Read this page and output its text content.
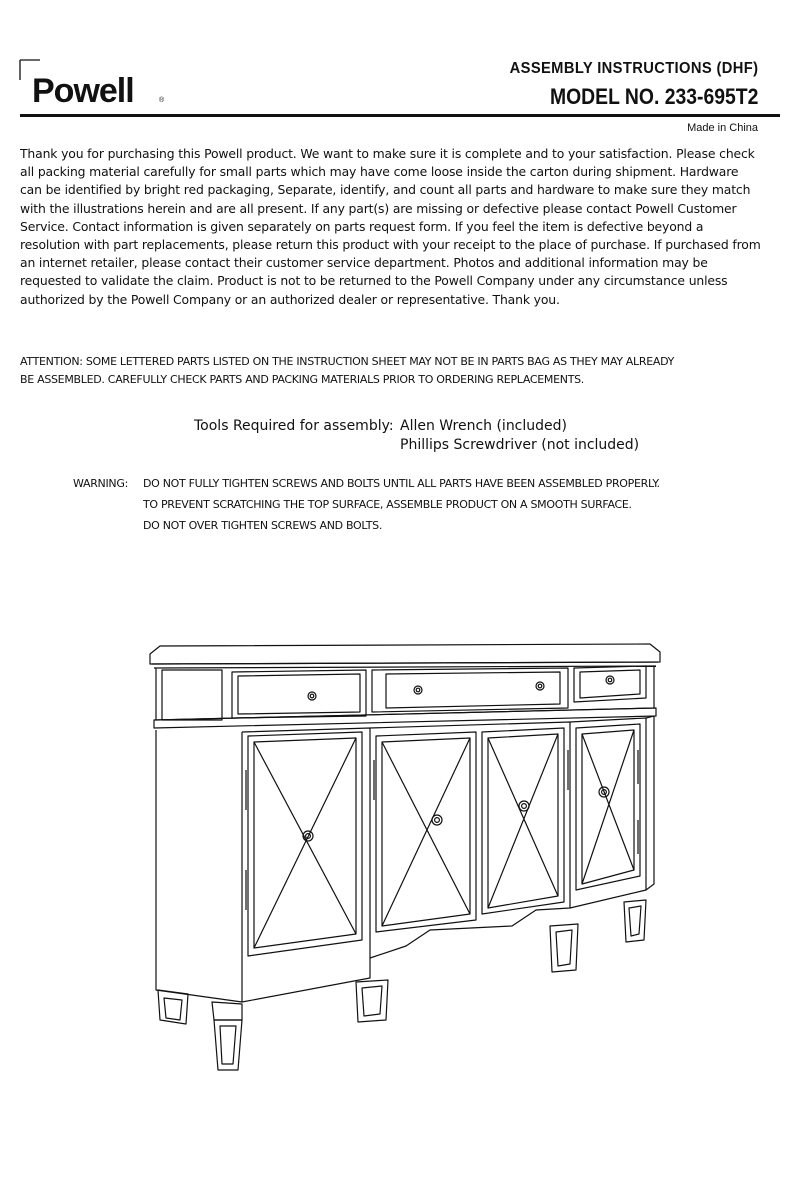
Powell	®
ASSEMBLY INSTRUCTIONS (DHF)
MODEL NO. 233-695T2
Made in China

Thank you for purchasing this Powell product. We want to make sure it is complete and to your satisfaction. Please check

all packing material carefully for small parts which may have come loose inside the carton during shipment. Hardware

can be identified by bright red packaging, Separate, identify, and count all parts and hardware to make sure they match

with the illustrations herein and are all present. If any part(s) are missing or defective please contact Powell Customer

Service. Contact information is given separately on parts request form. If you feel the item is defective beyond a

resolution with part replacements, please return this product with your receipt to the place of purchase. If purchased from

an internet retailer, please contact their customer service department. Photos and additional information may be

requested to validate the claim. Product is not to be returned to the Powell Company under any circumstance unless

authorized by the Powell Company or an authorized dealer or representative. Thank you.

ATTENTION: SOME LETTERED PARTS LISTED ON THE INSTRUCTION SHEET MAY NOT BE IN PARTS BAG AS THEY MAY ALREADY
BE ASSEMBLED. CAREFULLY CHECK PARTS AND PACKING MATERIALS PRIOR TO ORDERING REPLACEMENTS.
Tools Required for assembly: Allen Wrench (included)
Phillips Screwdriver (not included)
WARNING:	DO NOT FULLY TIGHTEN SCREWS AND BOLTS UNTIL ALL PARTS HAVE BEEN ASSEMBLED PROPERLY.
TO PREVENT SCRATCHING THE TOP SURFACE, ASSEMBLE PRODUCT ON A SMOOTH SURFACE.
DO NOT OVER TIGHTEN SCREWS AND BOLTS.
